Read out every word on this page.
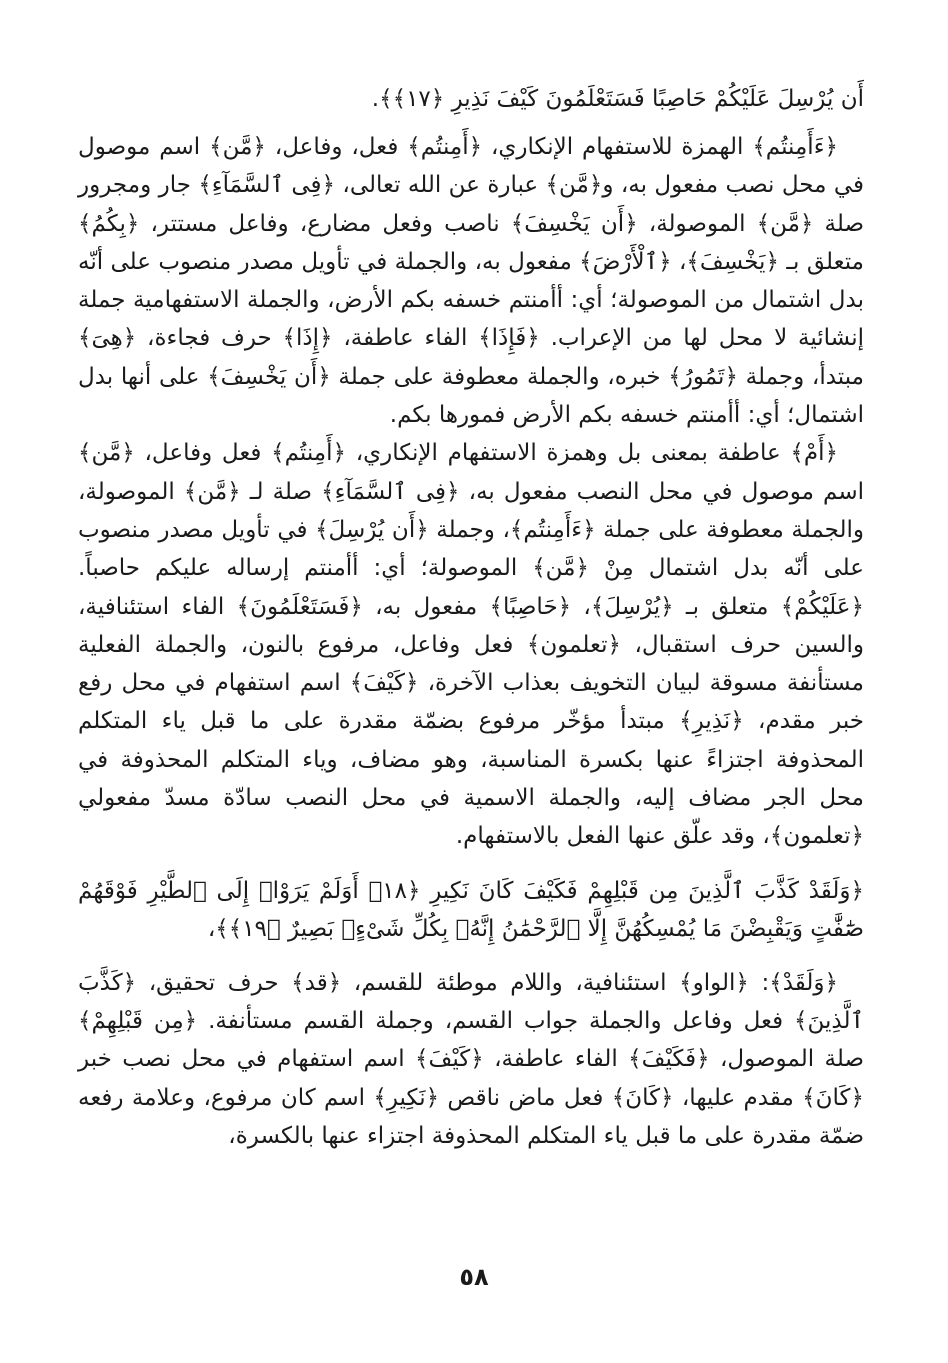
أَن يُرْسِلَ عَلَيْكُمْ حَاصِبًا فَسَتَعْلَمُونَ كَيْفَ نَذِيرِ ﴿١٧﴾﴾.

﴿ءَأَمِنتُم﴾ الهمزة للاستفهام الإنكاري، ﴿أَمِنتُم﴾ فعل، وفاعل، ﴿مَّن﴾ اسم موصول في محل نصب مفعول به، و﴿مَّن﴾ عبارة عن الله تعالى، ﴿فِى ٱلسَّمَآءِ﴾ جار ومجرور صلة ﴿مَّن﴾ الموصولة، ﴿أَن يَخْسِفَ﴾ ناصب وفعل مضارع، وفاعل مستتر، ﴿بِكُمُ﴾ متعلق بـ ﴿يَخْسِفَ﴾، ﴿ٱلْأَرْضَ﴾ مفعول به، والجملة في تأويل مصدر منصوب على أنّه بدل اشتمال من الموصولة؛ أي: أأمنتم خسفه بكم الأرض، والجملة الاستفهامية جملة إنشائية لا محل لها من الإعراب. ﴿فَإِذَا﴾ الفاء عاطفة، ﴿إِذَا﴾ حرف فجاءة، ﴿هِىَ﴾ مبتدأ، وجملة ﴿تَمُورُ﴾ خبره، والجملة معطوفة على جملة ﴿أَن يَخْسِفَ﴾ على أنها بدل اشتمال؛ أي: أأمنتم خسفه بكم الأرض فمورها بكم.

﴿أَمْ﴾ عاطفة بمعنى بل وهمزة الاستفهام الإنكاري، ﴿أَمِنتُم﴾ فعل وفاعل، ﴿مَّن﴾ اسم موصول في محل النصب مفعول به، ﴿فِى ٱلسَّمَآءِ﴾ صلة لـ ﴿مَّن﴾ الموصولة، والجملة معطوفة على جملة ﴿ءَأَمِنتُم﴾، وجملة ﴿أَن يُرْسِلَ﴾ في تأويل مصدر منصوب على أنّه بدل اشتمال مِنْ ﴿مَّن﴾ الموصولة؛ أي: أأمنتم إرساله عليكم حاصباً. ﴿عَلَيْكُمْ﴾ متعلق بـ ﴿يُرْسِلَ﴾، ﴿حَاصِبًا﴾ مفعول به، ﴿فَسَتَعْلَمُونَ﴾ الفاء استئنافية، والسين حرف استقبال، ﴿تعلمون﴾ فعل وفاعل، مرفوع بالنون، والجملة الفعلية مستأنفة مسوقة لبيان التخويف بعذاب الآخرة، ﴿كَيْفَ﴾ اسم استفهام في محل رفع خبر مقدم، ﴿نَذِيرِ﴾ مبتدأ مؤخّر مرفوع بضمّة مقدرة على ما قبل ياء المتكلم المحذوفة اجتزاءً عنها بكسرة المناسبة، وهو مضاف، وياء المتكلم المحذوفة في محل الجر مضاف إليه، والجملة الاسمية في محل النصب سادّة مسدّ مفعولي ﴿تعلمون﴾، وقد علّق عنها الفعل بالاستفهام.

﴿وَلَقَدْ كَذَّبَ ٱلَّذِينَ مِن قَبْلِهِمْ فَكَيْفَ كَانَ نَكِيرِ ﴿١٨﴾ أَوَلَمْ يَرَوْا۟ إِلَى ٱلطَّيْرِ فَوْقَهُمْ صَٰٓفَّٰتٍ وَيَقْبِضْنَ مَا يُمْسِكُهُنَّ إِلَّا ٱلرَّحْمَٰنُ إِنَّهُۥ بِكُلِّ شَىْءٍۭ بَصِيرٌ ﴿١٩﴾﴾،

﴿وَلَقَدْ﴾: ﴿الواو﴾ استئنافية، واللام موطئة للقسم، ﴿قد﴾ حرف تحقيق، ﴿كَذَّبَ ٱلَّذِينَ﴾ فعل وفاعل والجملة جواب القسم، وجملة القسم مستأنفة. ﴿مِن قَبْلِهِمْ﴾ صلة الموصول، ﴿فَكَيْفَ﴾ الفاء عاطفة، ﴿كَيْفَ﴾ اسم استفهام في محل نصب خبر ﴿كَانَ﴾ مقدم عليها، ﴿كَانَ﴾ فعل ماض ناقص ﴿نَكِيرِ﴾ اسم كان مرفوع، وعلامة رفعه ضمّة مقدرة على ما قبل ياء المتكلم المحذوفة اجتزاء عنها بالكسرة،

٥٨
